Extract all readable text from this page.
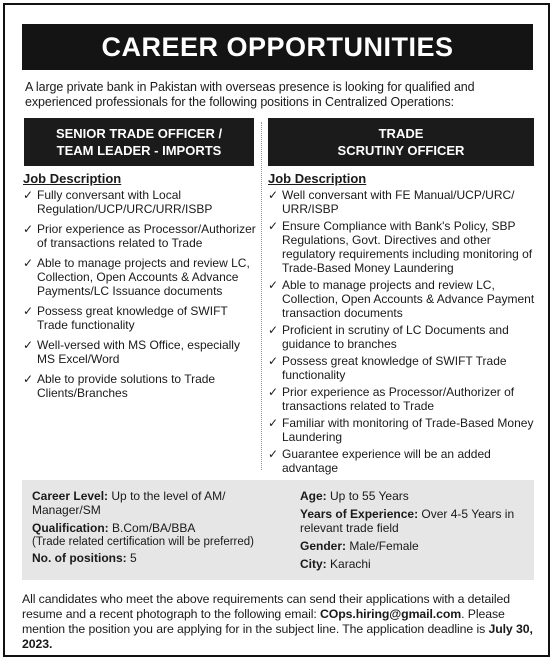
CAREER OPPORTUNITIES
A large private bank in Pakistan with overseas presence is looking for qualified and experienced professionals for the following positions in Centralized Operations:
SENIOR TRADE OFFICER /
TEAM LEADER - IMPORTS
TRADE
SCRUTINY OFFICER
Job Description
✓ Fully conversant with Local Regulation/UCP/URC/URR/ISBP
✓ Prior experience as Processor/Authorizer of transactions related to Trade
✓ Able to manage projects and review LC, Collection, Open Accounts & Advance Payments/LC Issuance documents
✓ Possess great knowledge of SWIFT Trade functionality
✓ Well-versed with MS Office, especially MS Excel/Word
✓ Able to provide solutions to Trade Clients/Branches
Job Description
✓ Well conversant with FE Manual/UCP/URC/ URR/ISBP
✓ Ensure Compliance with Bank's Policy, SBP Regulations, Govt. Directives and other regulatory requirements including monitoring of Trade-Based Money Laundering
✓ Able to manage projects and review LC, Collection, Open Accounts & Advance Payment transaction documents
✓ Proficient in scrutiny of LC Documents and guidance to branches
✓ Possess great knowledge of SWIFT Trade functionality
✓ Prior experience as Processor/Authorizer of transactions related to Trade
✓ Familiar with monitoring of Trade-Based Money Laundering
✓ Guarantee experience will be an added advantage
Career Level: Up to the level of AM/ Manager/SM
Qualification: B.Com/BA/BBA
(Trade related certification will be preferred)
No. of positions: 5
Age: Up to 55 Years
Years of Experience: Over 4-5 Years in relevant trade field
Gender: Male/Female
City: Karachi
All candidates who meet the above requirements can send their applications with a detailed resume and a recent photograph to the following email: COps.hiring@gmail.com. Please mention the position you are applying for in the subject line. The application deadline is July 30, 2023.
